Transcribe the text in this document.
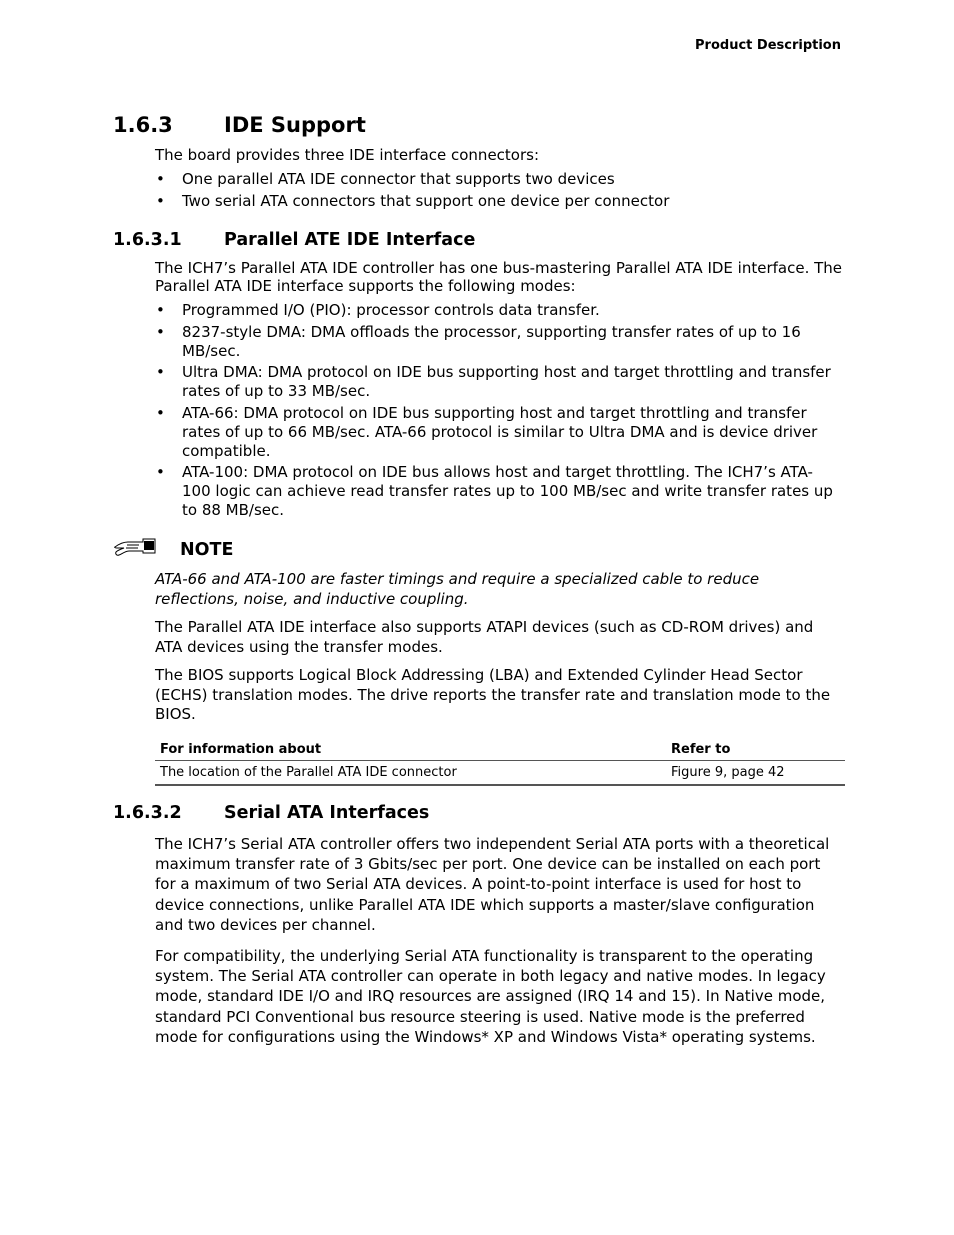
Product Description
1.6.3 IDE Support

The board provides three IDE interface connectors:

• One parallel ATA IDE connector that supports two devices
• Two serial ATA connectors that support one device per connector
1.6.3.1 Parallel ATE IDE Interface

The ICH7’s Parallel ATA IDE controller has one bus-mastering Parallel ATA IDE interface. The Parallel ATA IDE interface supports the following modes:

• Programmed I/O (PIO): processor controls data transfer.
• 8237-style DMA: DMA offloads the processor, supporting transfer rates of up to 16 MB/sec.
• Ultra DMA: DMA protocol on IDE bus supporting host and target throttling and transfer rates of up to 33 MB/sec.
• ATA-66: DMA protocol on IDE bus supporting host and target throttling and transfer rates of up to 66 MB/sec. ATA-66 protocol is similar to Ultra DMA and is device driver compatible.
• ATA-100: DMA protocol on IDE bus allows host and target throttling. The ICH7’s ATA-100 logic can achieve read transfer rates up to 100 MB/sec and write transfer rates up to 88 MB/sec.
NOTE

ATA-66 and ATA-100 are faster timings and require a specialized cable to reduce reflections, noise, and inductive coupling.

The Parallel ATA IDE interface also supports ATAPI devices (such as CD-ROM drives) and ATA devices using the transfer modes.

The BIOS supports Logical Block Addressing (LBA) and Extended Cylinder Head Sector (ECHS) translation modes. The drive reports the transfer rate and translation mode to the BIOS.

For information about	Refer to
The location of the Parallel ATA IDE connector	Figure 9, page 42
1.6.3.2 Serial ATA Interfaces

The ICH7’s Serial ATA controller offers two independent Serial ATA ports with a theoretical maximum transfer rate of 3 Gbits/sec per port. One device can be installed on each port for a maximum of two Serial ATA devices. A point-to-point interface is used for host to device connections, unlike Parallel ATA IDE which supports a master/slave configuration and two devices per channel.

For compatibility, the underlying Serial ATA functionality is transparent to the operating system. The Serial ATA controller can operate in both legacy and native modes. In legacy mode, standard IDE I/O and IRQ resources are assigned (IRQ 14 and 15). In Native mode, standard PCI Conventional bus resource steering is used. Native mode is the preferred mode for configurations using the Windows* XP and Windows Vista* operating systems.
